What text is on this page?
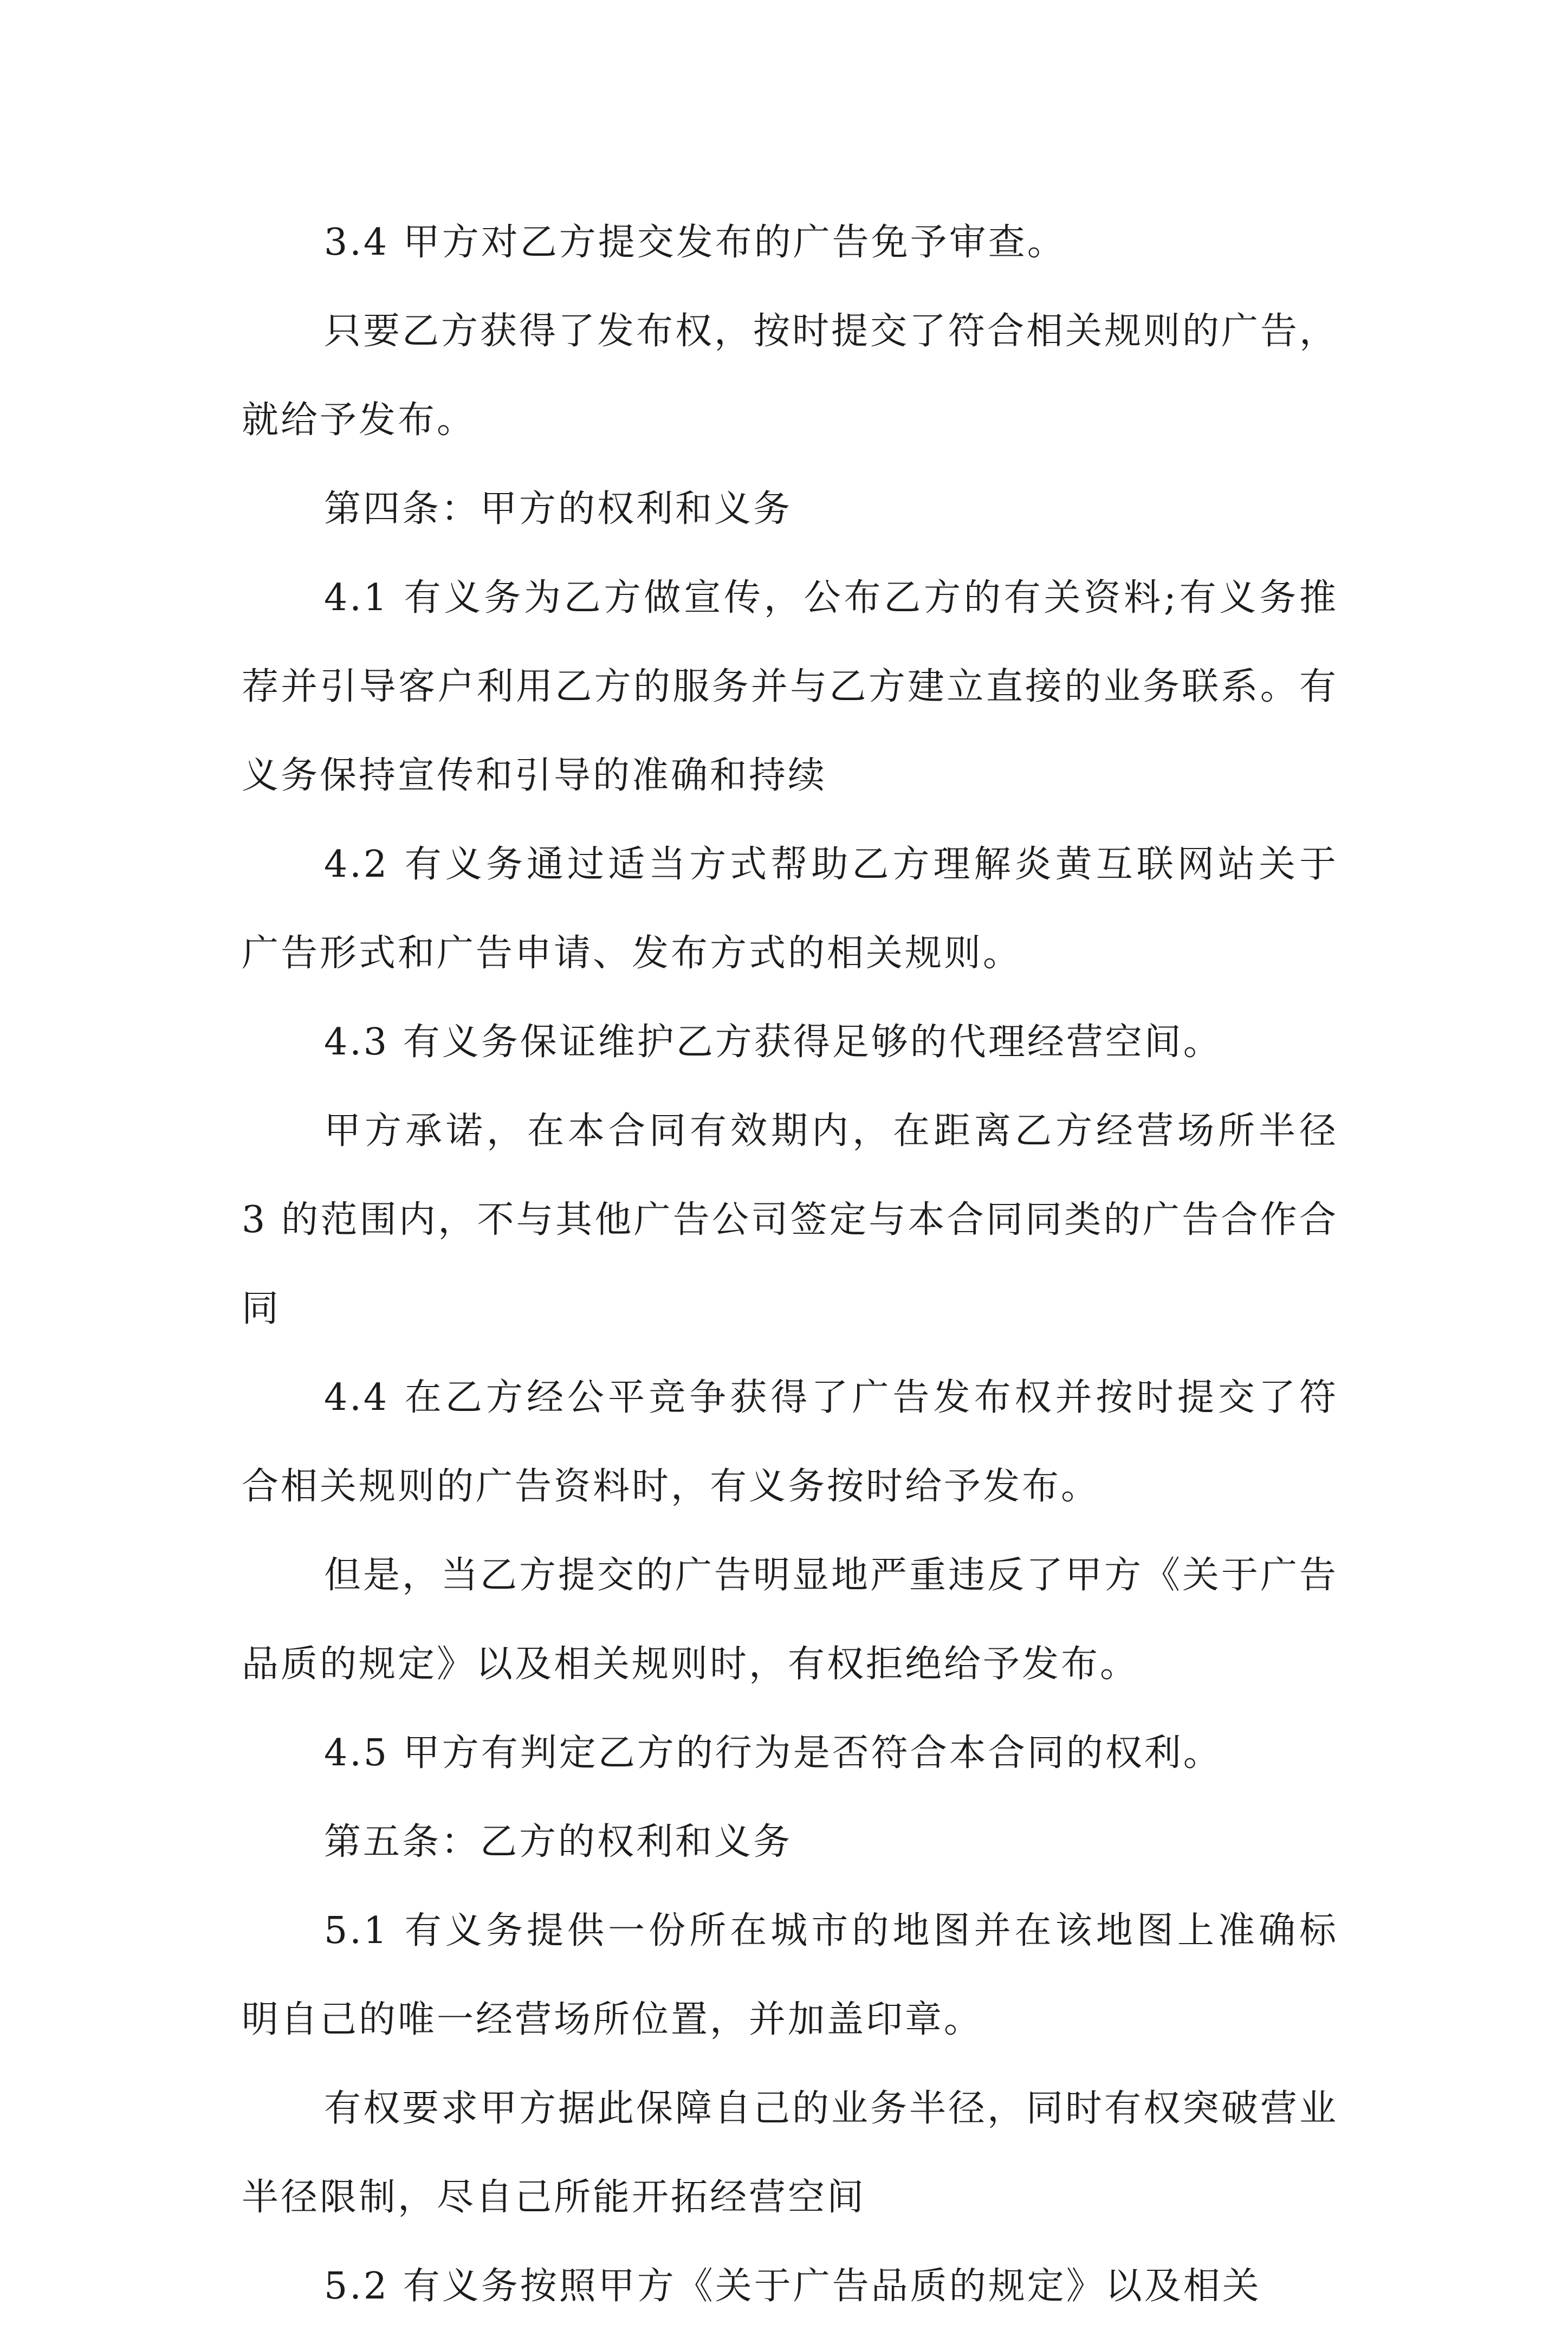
3.4 甲方对乙方提交发布的广告免予审查。

只要乙方获得了发布权，按时提交了符合相关规则的广告，就给予发布。

第四条：甲方的权利和义务

4.1 有义务为乙方做宣传，公布乙方的有关资料;有义务推荐并引导客户利用乙方的服务并与乙方建立直接的业务联系。有义务保持宣传和引导的准确和持续

4.2 有义务通过适当方式帮助乙方理解炎黄互联网站关于广告形式和广告申请、发布方式的相关规则。

4.3 有义务保证维护乙方获得足够的代理经营空间。

甲方承诺，在本合同有效期内，在距离乙方经营场所半径 3 的范围内，不与其他广告公司签定与本合同同类的广告合作合同

4.4 在乙方经公平竞争获得了广告发布权并按时提交了符合相关规则的广告资料时，有义务按时给予发布。

但是，当乙方提交的广告明显地严重违反了甲方《关于广告品质的规定》以及相关规则时，有权拒绝给予发布。

4.5 甲方有判定乙方的行为是否符合本合同的权利。

第五条：乙方的权利和义务

5.1 有义务提供一份所在城市的地图并在该地图上准确标明自己的唯一经营场所位置，并加盖印章。

有权要求甲方据此保障自己的业务半径，同时有权突破营业半径限制，尽自己所能开拓经营空间

5.2 有义务按照甲方《关于广告品质的规定》以及相关
